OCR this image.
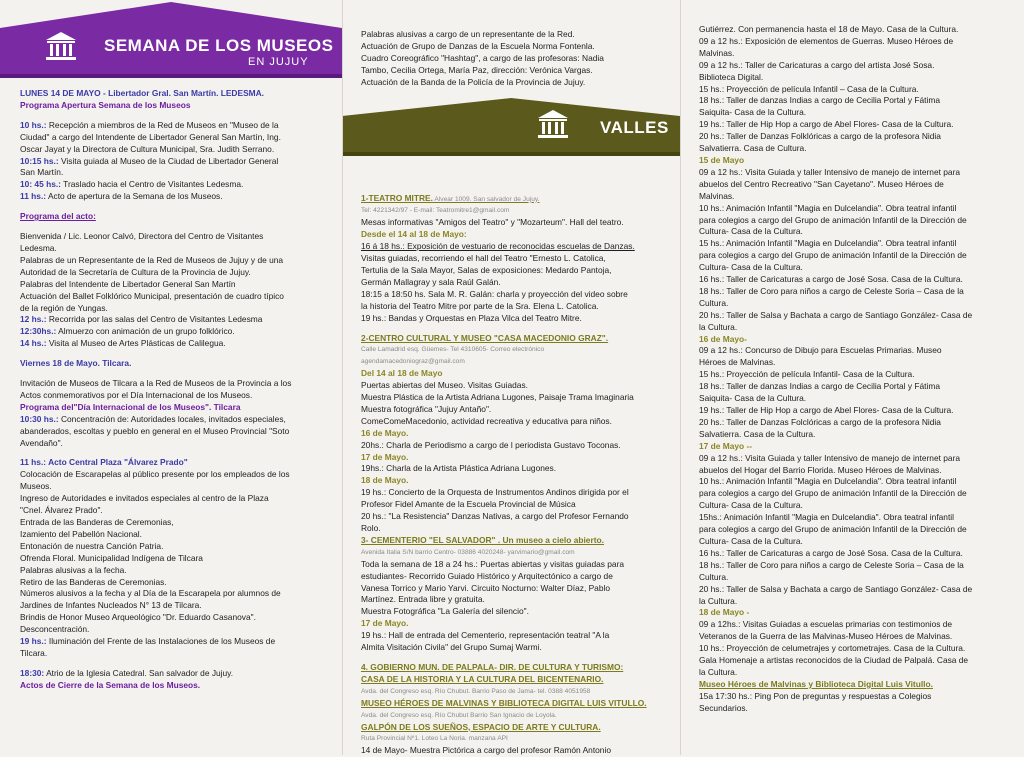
SEMANA DE LOS MUSEOS
EN JUJUY
VALLES
LUNES 14 DE MAYO - Libertador Gral. San Martín. LEDESMA.
Programa Apertura Semana de los Museos
10 hs.: Recepción a miembros de la Red de Museos en "Museo de la
Ciudad" a cargo del Intendente de Libertador General San Martín, Ing.
Oscar Jayat y la Directora de Cultura Municipal, Sra. Judith Serrano.
10:15 hs.: Visita guiada al Museo de la Ciudad de Libertador General
San Martín.
10: 45 hs.: Traslado hacia el Centro de Visitantes Ledesma.
11 hs.: Acto de apertura de la Semana de los Museos.
Programa del acto:
Bienvenida / Lic. Leonor Calvó, Directora del Centro de Visitantes
Ledesma.
Palabras de un Representante de la Red de Museos de Jujuy y de una
Autoridad de la Secretaría de Cultura de la Provincia de Jujuy.
Palabras del Intendente de Libertador General San Martín
Actuación del Ballet Folklórico Municipal, presentación de cuadro típico
de la región de Yungas.
12 hs.: Recorrida por las salas del Centro de Visitantes Ledesma
12:30hs.: Almuerzo con animación de un grupo folklórico.
14 hs.: Visita al Museo de Artes Plásticas de Calilegua.
Viernes 18 de Mayo. Tilcara.
Invitación de Museos de Tilcara a la Red de Museos de la Provincia a los
Actos conmemorativos por el Día Internacional de los Museos.
Programa del"Día Internacional de los Museos". Tilcara
10:30 hs.: Concentración de: Autoridades locales, invitados especiales,
abanderados, escoltas y pueblo en general en el Museo Provincial "Soto
Avendaño".
11 hs.: Acto Central Plaza "Álvarez Prado"
Colocación de Escarapelas al público presente por los empleados de los
Museos.
Ingreso de Autoridades e invitados especiales al centro de la Plaza
"Cnel. Álvarez Prado".
Entrada de las Banderas de Ceremonias,
Izamiento del Pabellón Nacional.
Entonación de nuestra Canción Patria.
Ofrenda Floral. Municipalidad Indígena de Tilcara
Palabras alusivas a la fecha.
Retiro de las Banderas de Ceremonias.
Números alusivos a la fecha y al Día de la Escarapela por alumnos de
Jardines de Infantes Nucleados N° 13 de Tilcara.
Brindis de Honor Museo Arqueológico "Dr. Eduardo Casanova".
Desconcentración.
19 hs.: Iluminación del Frente de las Instalaciones de los Museos de
Tilcara.
18:30: Atrio de la Iglesia Catedral. San salvador de Jujuy.
Actos de Cierre de la Semana de los Museos.
Palabras alusivas a cargo de un representante de la Red.
Actuación de Grupo de Danzas de la Escuela Norma Fontenla.
Cuadro Coreográfico "Hashtag", a cargo de las profesoras: Nadia
Tambo, Cecilia Ortega, María Paz, dirección: Verónica Vargas.
Actuación de la Banda de la Policía de la Provincia de Jujuy.
1-TEATRO MITRE. Alvear 1009. San salvador de Jujuy.
Tel: 4221342/97 - E-mail: Teatromitre1@gmail.com
Mesas informativas "Amigos del Teatro" y "Mozarteum". Hall del teatro.
Desde el 14 al 18 de Mayo:
16 á 18 hs.: Exposición de vestuario de reconocidas escuelas de Danzas.
Visitas guiadas, recorriendo el hall del Teatro "Ernesto L. Catolica,
Tertulia de la Sala Mayor, Salas de exposiciones: Medardo Pantoja,
Germán Mallagray y sala Raúl Galán.
18:15 a 18:50 hs. Sala M. R. Galán: charla y proyección del video sobre
la historia del Teatro Mitre por parte de la Sra. Elena L. Catolica.
19 hs.: Bandas y Orquestas en Plaza Vilca del Teatro Mitre.
2-CENTRO CULTURAL Y MUSEO "CASA MACEDONIO GRAZ".
Calle Lamadrid esq. Güemes- Tel 4310605- Correo electrónico
agendamacedoniograz@gmail.com
Del 14 al 18 de Mayo
Puertas abiertas del Museo. Visitas Guiadas.
Muestra Plástica de la Artista Adriana Lugones, Paisaje Trama Imaginaria
Muestra fotográfica "Jujuy Antaño".
ComeComeMacedonio, actividad recreativa y educativa para niños.
16 de Mayo.
20hs.: Charla de Periodismo a cargo de l periodista Gustavo Toconas.
17 de Mayo.
19hs.: Charla de la Artista Plástica Adriana Lugones.
18 de Mayo.
19 hs.: Concierto de la Orquesta de Instrumentos Andinos dirigida por el
Profesor Fidel Amante de la Escuela Provincial de Música
20 hs.: "La Resistencia" Danzas Nativas, a cargo del Profesor Fernando
Rolo.
3- CEMENTERIO "EL SALVADOR" . Un museo a cielo abierto.
Avenida Italia S/N barrio Centro- 03886 4020248- yarvimario@gmail.com
Toda la semana de 18 a 24 hs.: Puertas abiertas y visitas guiadas para
estudiantes- Recorrido Guiado Histórico y Arquitectónico a cargo de
Vanesa Torrico y Mario Yarvi. Circuito Nocturno: Walter Díaz, Pablo
Martínez. Entrada libre y gratuita.
Muestra Fotográfica "La Galería del silencio".
17 de Mayo.
19 hs.: Hall de entrada del Cementerio, representación teatral "A la
Almita Visitación Civila" del Grupo Sumaj Warmi.
4. GOBIERNO MUN. DE PALPALA- DIR. DE CULTURA Y TURISMO:
CASA DE LA HISTORIA Y LA CULTURA DEL BICENTENARIO.
Avda. del Congreso esq. Río Chubut. Barrio Paso de Jama- tel. 0388 4051958
MUSEO HÉROES DE MALVINAS Y BIBLIOTECA DIGITAL LUIS VITULLO.
Avda. del Congreso esq. Río Chubut Barrio San Ignacio de Loyola.
GALPÓN DE LOS SUEÑOS, ESPACIO DE ARTE Y CULTURA.
Ruta Provincial Nº1. Loteo La Noria. manzana API
14 de Mayo- Muestra Pictórica a cargo del profesor Ramón Antonio
Gutiérrez. Con permanencia hasta el 18 de Mayo. Casa de la Cultura.
09 a 12 hs.: Exposición de elementos de Guerras. Museo Héroes de
Malvinas.
09 a 12 hs.: Taller de Caricaturas a cargo del artista José Sosa.
Biblioteca Digital.
15 hs.: Proyección de película Infantil – Casa de la Cultura.
18 hs.: Taller de danzas Indias a cargo de Cecilia Portal y Fátima
Saiquita- Casa de la Cultura.
19 hs.: Taller de Hip Hop a cargo de Abel Flores- Casa de la Cultura.
20 hs.: Taller de Danzas Folklóricas a cargo de la profesora Nidia
Salvatierra. Casa de Cultura.
15 de Mayo
09 a 12 hs.: Visita Guiada y taller Intensivo de manejo de internet para
abuelos del Centro Recreativo "San Cayetano". Museo Héroes de
Malvinas.
10 hs.: Animación Infantil "Magia en Dulcelandia". Obra teatral infantil
para colegios a cargo del Grupo de animación Infantil de la Dirección de
Cultura- Casa de la Cultura.
15 hs.: Animación Infantil "Magia en Dulcelandia". Obra teatral infantil
para colegios a cargo del Grupo de animación Infantil de la Dirección de
Cultura- Casa de la Cultura.
16 hs.: Taller de Caricaturas a cargo de José Sosa. Casa de la Cultura.
18 hs.: Taller de Coro para niños a cargo de Celeste Soria – Casa de la
Cultura.
20 hs.: Taller de Salsa y Bachata a cargo de Santiago González- Casa de
la Cultura.
16 de Mayo-
09 a 12 hs.: Concurso de Dibujo para Escuelas Primarias. Museo
Héroes de Malvinas.
15 hs.: Proyección de película Infantil- Casa de la Cultura.
18 hs.: Taller de danzas Indias a cargo de Cecilia Portal y Fátima
Saiquita- Casa de la Cultura.
19 hs.: Taller de Hip Hop a cargo de Abel Flores- Casa de la Cultura.
20 hs.: Taller de Danzas Folclóricas a cargo de la profesora Nidia
Salvatierra. Casa de la Cultura.
17 de Mayo --
09 a 12 hs.: Visita Guiada y taller Intensivo de manejo de internet para
abuelos del Hogar del Barrio Florida. Museo Héroes de Malvinas.
10 hs.: Animación Infantil "Magia en Dulcelandia". Obra teatral infantil
para colegios a cargo del Grupo de animación Infantil de la Dirección de
Cultura- Casa de la Cultura.
15hs.: Animación Infantil "Magia en Dulcelandia". Obra teatral infantil
para colegios a cargo del Grupo de animación Infantil de la Dirección de
Cultura- Casa de la Cultura.
16 hs.: Taller de Caricaturas a cargo de José Sosa. Casa de la Cultura.
18 hs.: Taller de Coro para niños a cargo de Celeste Soria – Casa de la
Cultura.
20 hs.: Taller de Salsa y Bachata a cargo de Santiago González- Casa de
la Cultura.
18 de Mayo -
09 a 12hs.: Visitas Guiadas a escuelas primarias con testimonios de
Veteranos de la Guerra de las Malvinas-Museo Héroes de Malvinas.
10 hs.: Proyección de celumetrajes y cortometrajes. Casa de la Cultura.
Gala Homenaje a artistas reconocidos de la Ciudad de Palpalá. Casa de
la Cultura.
Museo Héroes de Malvinas y Biblioteca Digital Luis Vitullo.
15a 17:30 hs.: Ping Pon de preguntas y respuestas a Colegios
Secundarios.
